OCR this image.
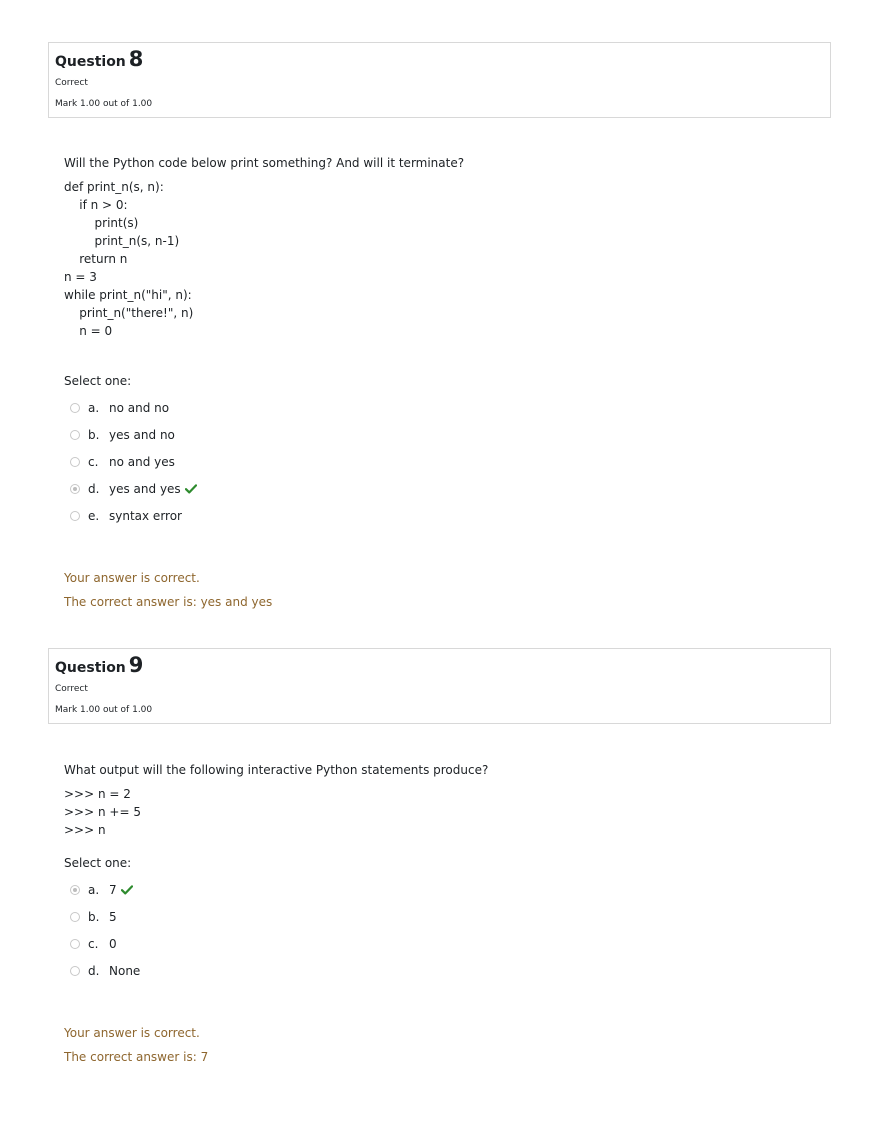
Question 8
Correct
Mark 1.00 out of 1.00
Will the Python code below print something? And will it terminate?
def print_n(s, n):
if n > 0:
print(s)
print_n(s, n-1)
return n
n = 3
while print_n("hi", n):
print_n("there!", n)
n = 0
Select one:
a. no and no
b. yes and no
c. no and yes
d. yes and yes
e. syntax error
Your answer is correct.
The correct answer is: yes and yes
Question 9
Correct
Mark 1.00 out of 1.00
What output will the following interactive Python statements produce?
>>> n = 2
>>> n += 5
>>> n
Select one:
a. 7
b. 5
c. 0
d. None
Your answer is correct.
The correct answer is: 7
